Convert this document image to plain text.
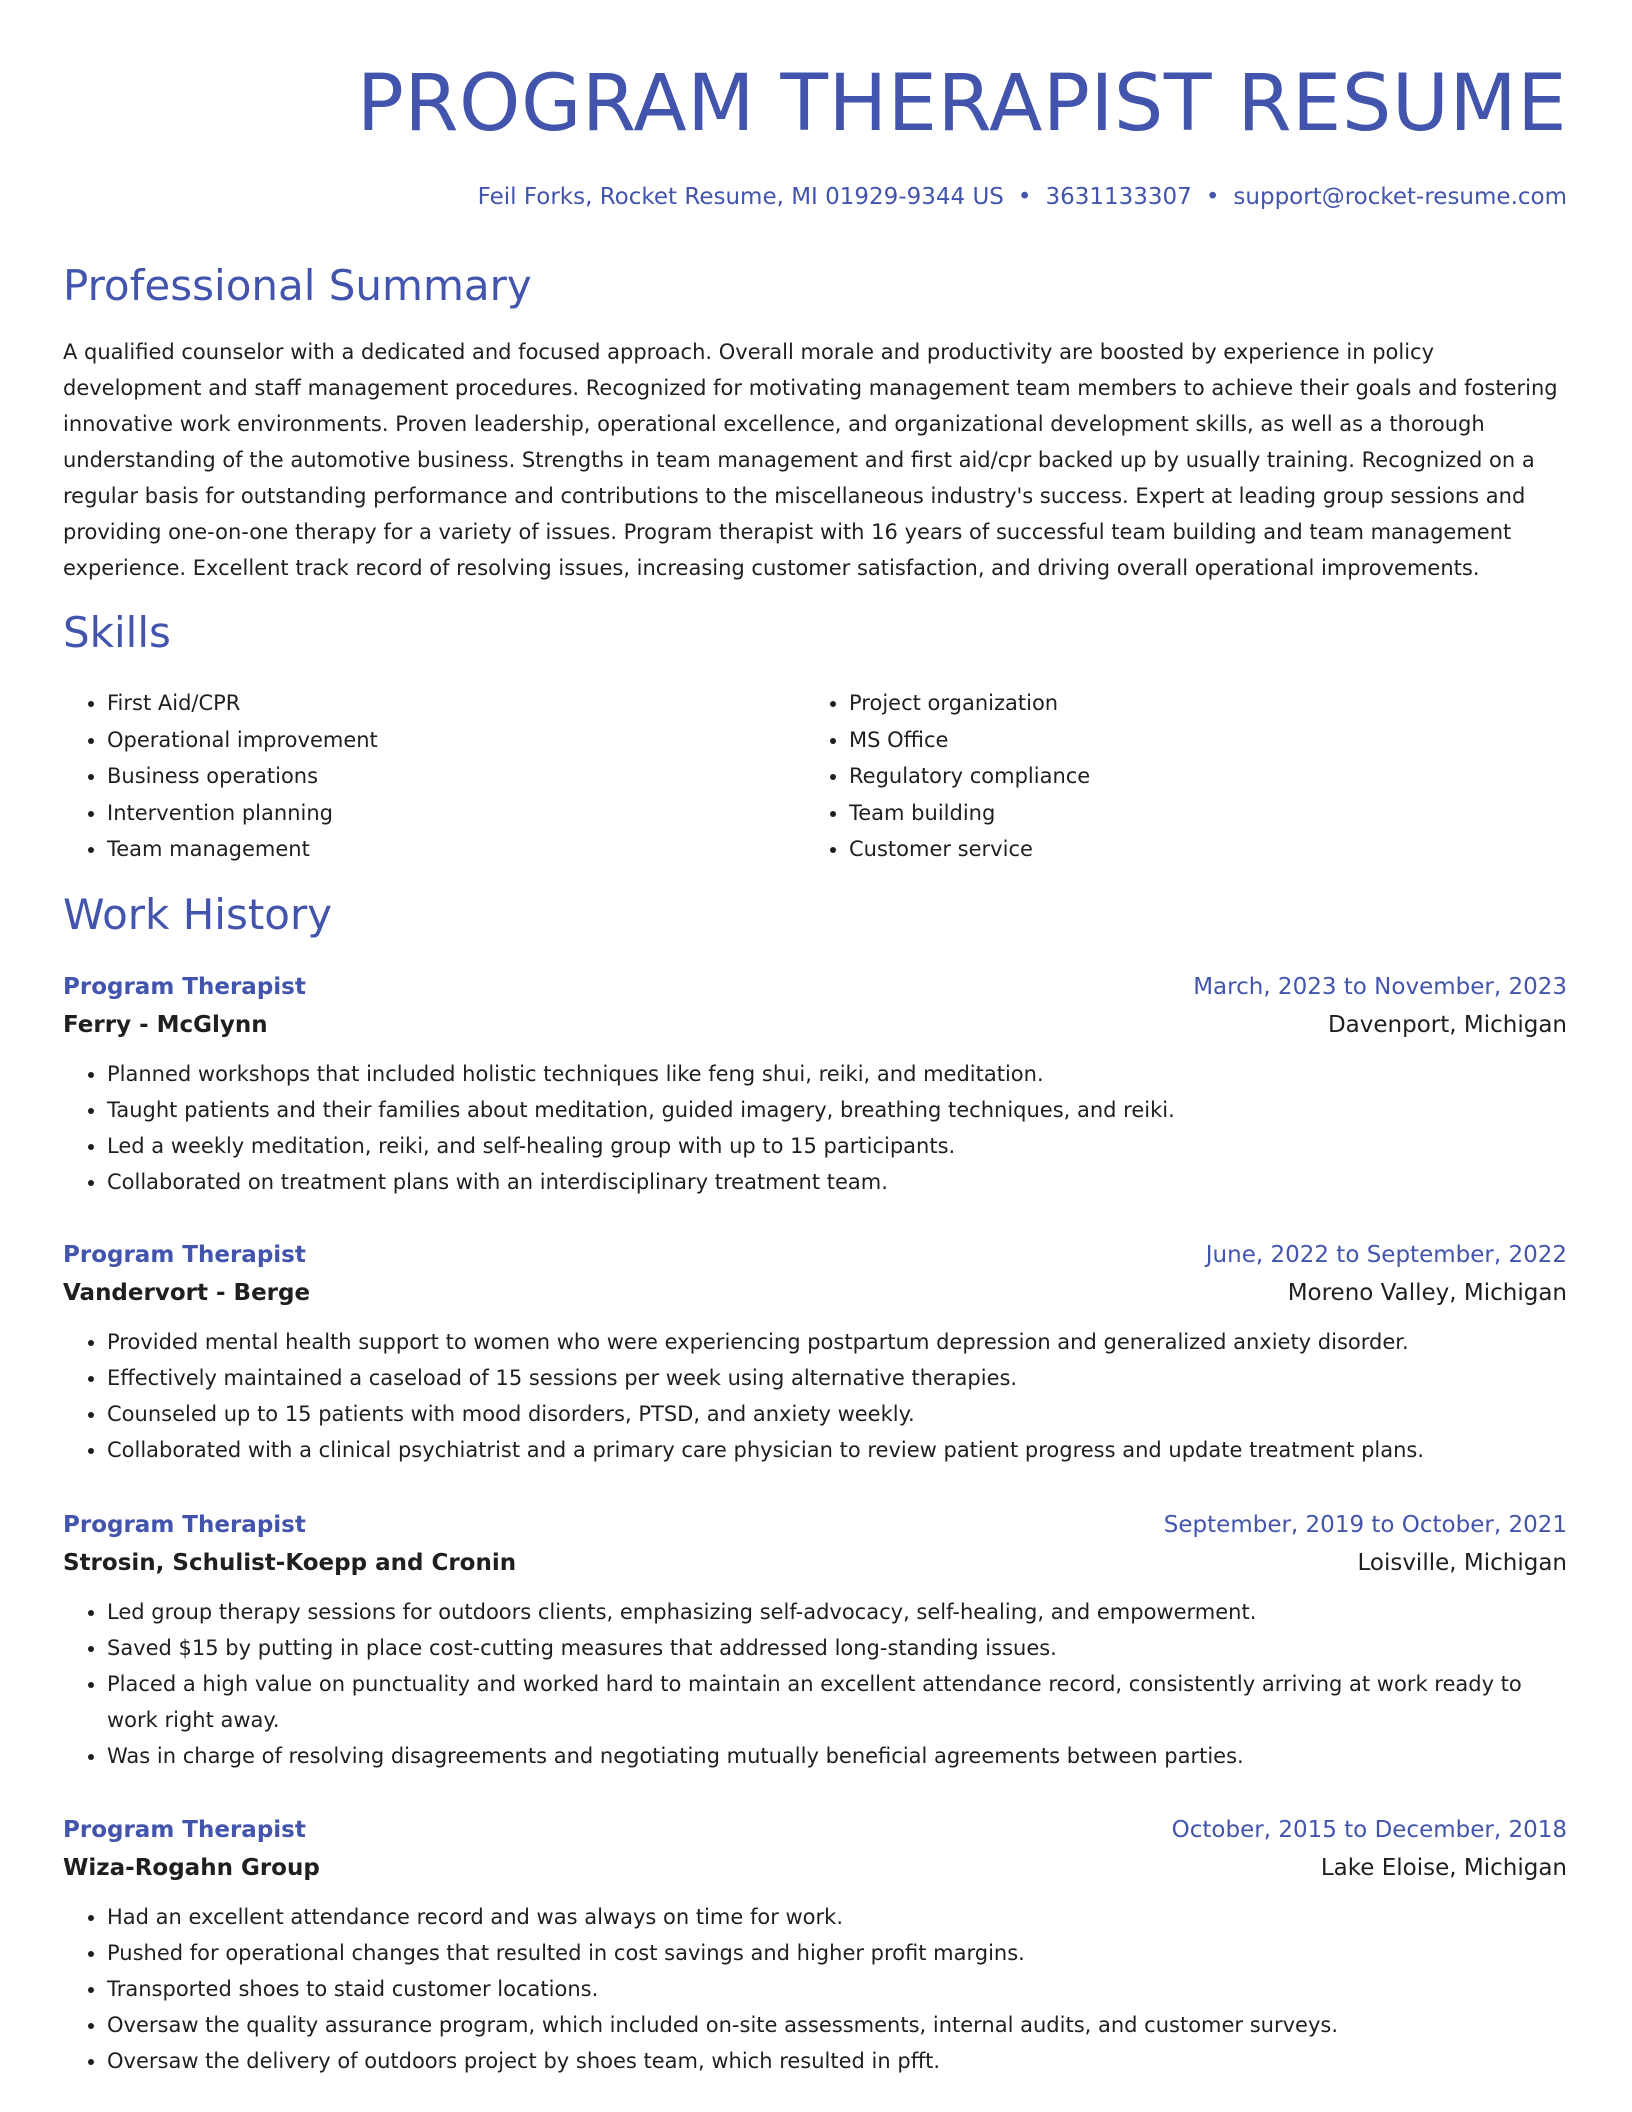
PROGRAM THERAPIST RESUME
Feil Forks, Rocket Resume, MI 01929-9344 US • 3631133307 • support@rocket-resume.com
Professional Summary

A qualified counselor with a dedicated and focused approach. Overall morale and productivity are boosted by experience in policy development and staff management procedures. Recognized for motivating management team members to achieve their goals and fostering innovative work environments. Proven leadership, operational excellence, and organizational development skills, as well as a thorough understanding of the automotive business. Strengths in team management and first aid/cpr backed up by usually training. Recognized on a regular basis for outstanding performance and contributions to the miscellaneous industry's success. Expert at leading group sessions and providing one-on-one therapy for a variety of issues. Program therapist with 16 years of successful team building and team management experience. Excellent track record of resolving issues, increasing customer satisfaction, and driving overall operational improvements.

Skills
• First Aid/CPR
• Operational improvement
• Business operations
• Intervention planning
• Team management
• Project organization
• MS Office
• Regulatory compliance
• Team building
• Customer service
Work History
Program Therapist	March, 2023 to November, 2023
Ferry - McGlynn	Davenport, Michigan
• Planned workshops that included holistic techniques like feng shui, reiki, and meditation.
• Taught patients and their families about meditation, guided imagery, breathing techniques, and reiki.
• Led a weekly meditation, reiki, and self-healing group with up to 15 participants.
• Collaborated on treatment plans with an interdisciplinary treatment team.
Program Therapist	June, 2022 to September, 2022
Vandervort - Berge	Moreno Valley, Michigan
• Provided mental health support to women who were experiencing postpartum depression and generalized anxiety disorder.
• Effectively maintained a caseload of 15 sessions per week using alternative therapies.
• Counseled up to 15 patients with mood disorders, PTSD, and anxiety weekly.
• Collaborated with a clinical psychiatrist and a primary care physician to review patient progress and update treatment plans.
Program Therapist	September, 2019 to October, 2021
Strosin, Schulist-Koepp and Cronin	Loisville, Michigan
• Led group therapy sessions for outdoors clients, emphasizing self-advocacy, self-healing, and empowerment.
• Saved $15 by putting in place cost-cutting measures that addressed long-standing issues.
• Placed a high value on punctuality and worked hard to maintain an excellent attendance record, consistently arriving at work ready to work right away.
• Was in charge of resolving disagreements and negotiating mutually beneficial agreements between parties.
Program Therapist	October, 2015 to December, 2018
Wiza-Rogahn Group	Lake Eloise, Michigan
• Had an excellent attendance record and was always on time for work.
• Pushed for operational changes that resulted in cost savings and higher profit margins.
• Transported shoes to staid customer locations.
• Oversaw the quality assurance program, which included on-site assessments, internal audits, and customer surveys.
• Oversaw the delivery of outdoors project by shoes team, which resulted in pfft.
